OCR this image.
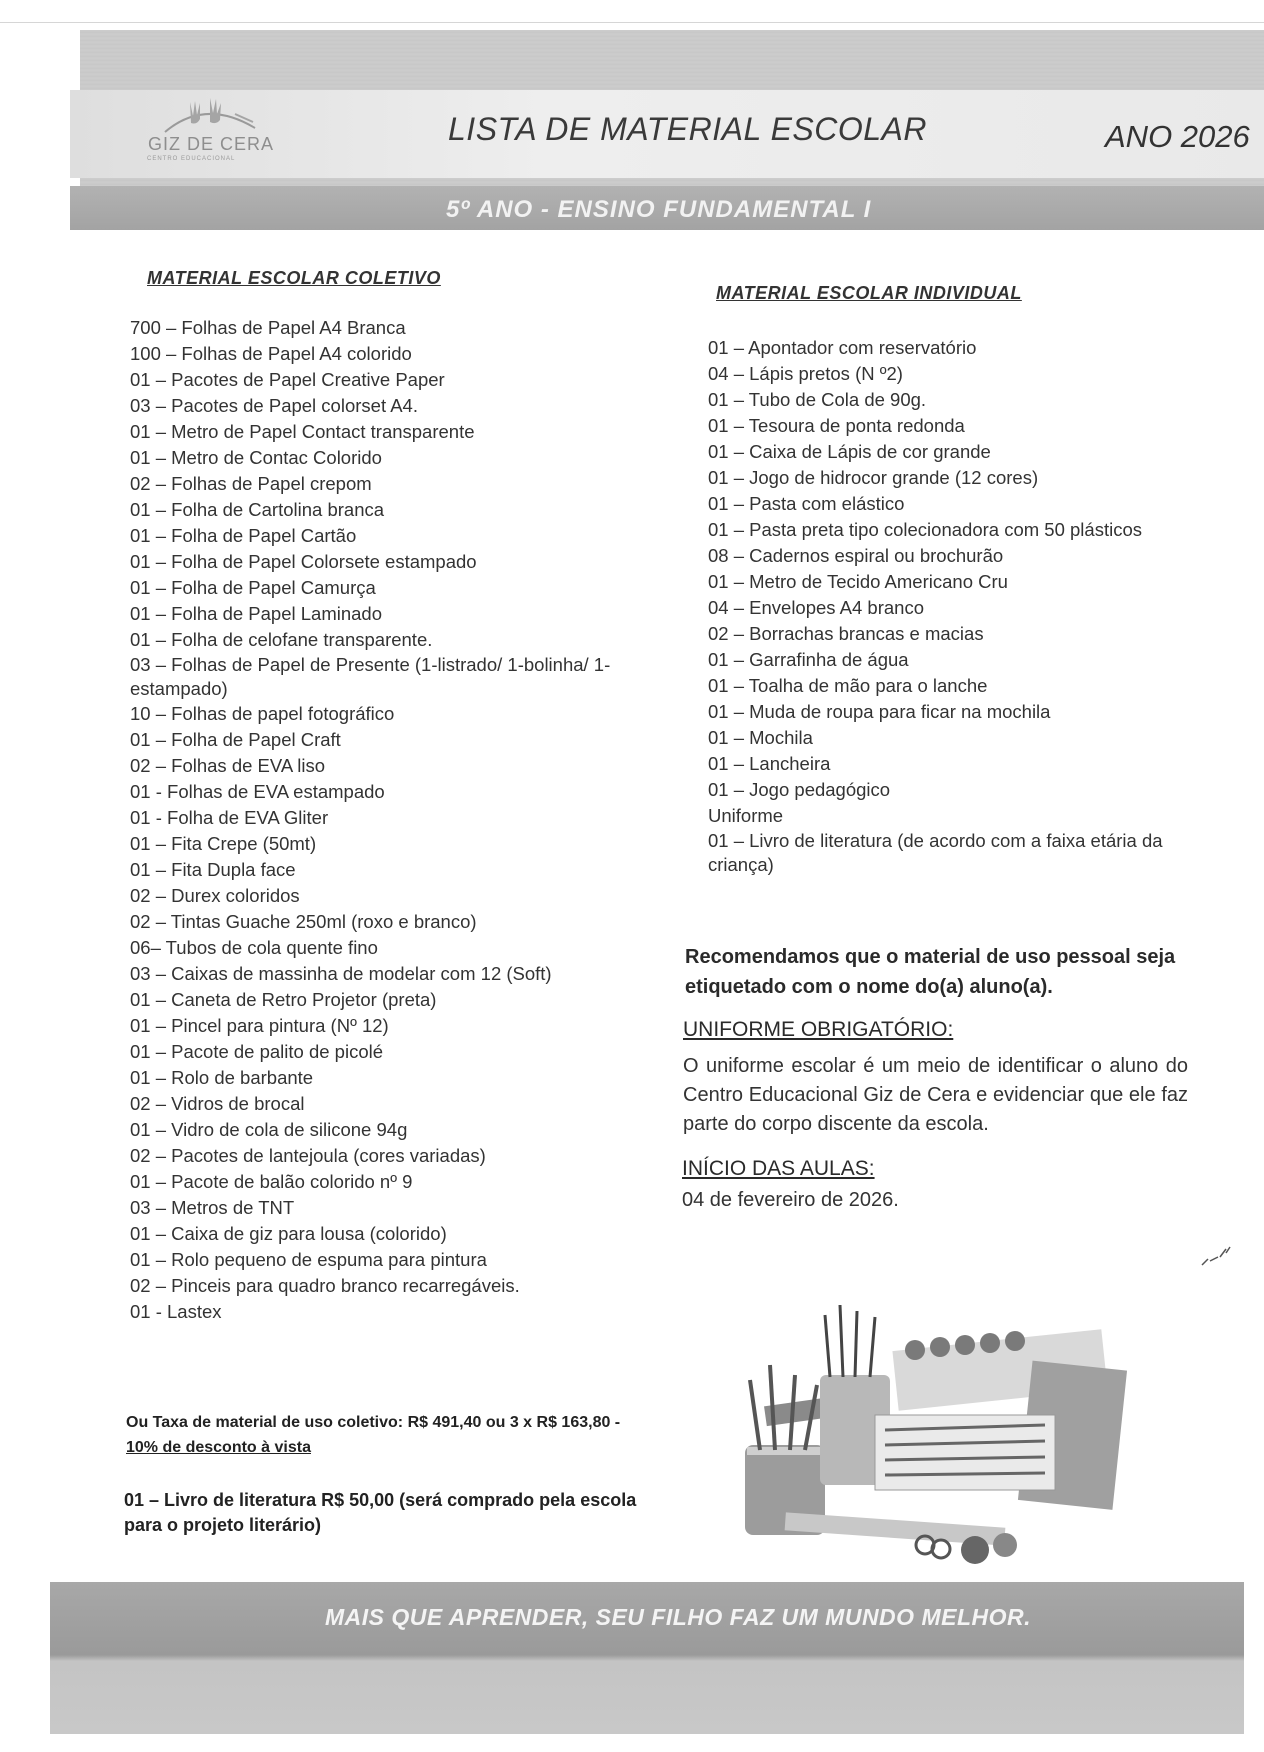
GIZ DE CERA
CENTRO EDUCACIONAL
LISTA DE MATERIAL ESCOLAR	ANO 2026
5º ANO - ENSINO FUNDAMENTAL I
MATERIAL ESCOLAR COLETIVO
700 – Folhas de Papel A4 Branca
100 – Folhas de Papel A4 colorido
01 – Pacotes de Papel Creative Paper
03 – Pacotes de Papel colorset A4.
01 – Metro de Papel Contact transparente
01 – Metro de Contac Colorido
02 – Folhas de Papel crepom
01 – Folha de Cartolina branca
01 – Folha de Papel Cartão
01 – Folha de Papel Colorsete estampado
01 – Folha de Papel Camurça
01 – Folha de Papel Laminado
01 – Folha de celofane transparente.
03 – Folhas de Papel de Presente (1-listrado/ 1-bolinha/ 1-estampado)
10 – Folhas de papel fotográfico
01 – Folha de Papel Craft
02 – Folhas de EVA liso
01 - Folhas de EVA estampado
01 - Folha de EVA Gliter
01 – Fita Crepe (50mt)
01 – Fita Dupla face
02 – Durex coloridos
02 – Tintas Guache 250ml (roxo e branco)
06– Tubos de cola quente fino
03 – Caixas de massinha de modelar com 12 (Soft)
01 – Caneta de Retro Projetor (preta)
01 – Pincel para pintura (Nº 12)
01 – Pacote de palito de picolé
01 – Rolo de barbante
02 – Vidros de brocal
01 – Vidro de cola de silicone 94g
02 – Pacotes de lantejoula (cores variadas)
01 – Pacote de balão colorido nº 9
03 – Metros de TNT
01 – Caixa de giz para lousa (colorido)
01 – Rolo pequeno de espuma para pintura
02 – Pinceis para quadro branco recarregáveis.
01 - Lastex
MATERIAL ESCOLAR INDIVIDUAL
01 – Apontador com reservatório
04 – Lápis pretos (N º2)
01 – Tubo de Cola de 90g.
01 – Tesoura de ponta redonda
01 – Caixa de Lápis de cor grande
01 – Jogo de hidrocor grande (12 cores)
01 – Pasta com elástico
01 – Pasta preta tipo colecionadora com 50 plásticos
08 – Cadernos espiral ou brochurão
01 – Metro de Tecido Americano Cru
04 – Envelopes A4 branco
02 – Borrachas brancas e macias
01 – Garrafinha de água
01 – Toalha de mão para o lanche
01 – Muda de roupa para ficar na mochila
01 – Mochila
01 – Lancheira
01 – Jogo pedagógico
Uniforme
01 – Livro de literatura (de acordo com a faixa etária da criança)
Recomendamos que o material de uso pessoal seja etiquetado com o nome do(a) aluno(a).
UNIFORME OBRIGATÓRIO:
O uniforme escolar é um meio de identificar o aluno do Centro Educacional Giz de Cera e evidenciar que ele faz parte do corpo discente da escola.
INÍCIO DAS AULAS:
04 de fevereiro de 2026.
Ou Taxa de material de uso coletivo: R$ 491,40 ou 3 x R$ 163,80 - 10% de desconto à vista
01 – Livro de literatura R$ 50,00 (será comprado pela escola para o projeto literário)
MAIS QUE APRENDER, SEU FILHO FAZ UM MUNDO MELHOR.
